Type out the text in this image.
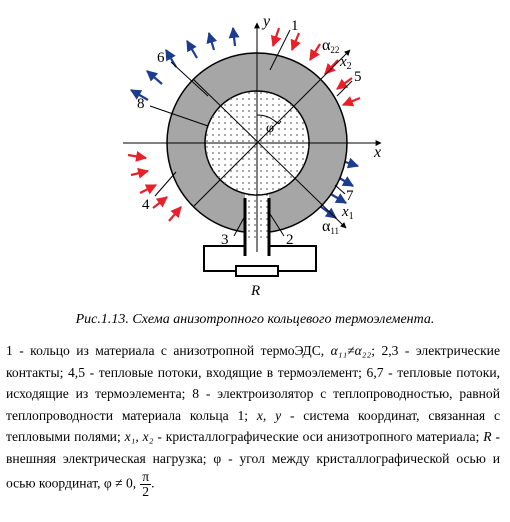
1
6
8
5
4
7
3	2
x
y
$x_2$
$x_1$
α22
α11
φ
R
Рис.1.13. Схема анизотропного кольцевого термоэлемента.
1 - кольцо из материала с анизотропной термоЭДС, α₁₁≠α₂₂; 2,3 - электрические контакты; 4,5 - тепловые потоки, входящие в термоэлемент; 6,7 - тепловые потоки, исходящие из термоэлемента; 8 - электроизолятор с теплопроводностью, равной теплопроводности материала кольца 1; x, y - система координат, связанная с тепловыми полями; x₁, x₂ - кристаллографические оси анизотропного материала; R - внешняя электрическая нагрузка; φ - угол между кристаллографической осью и осью координат, φ ≠ 0, $\frac{\pi}{2}$ .
